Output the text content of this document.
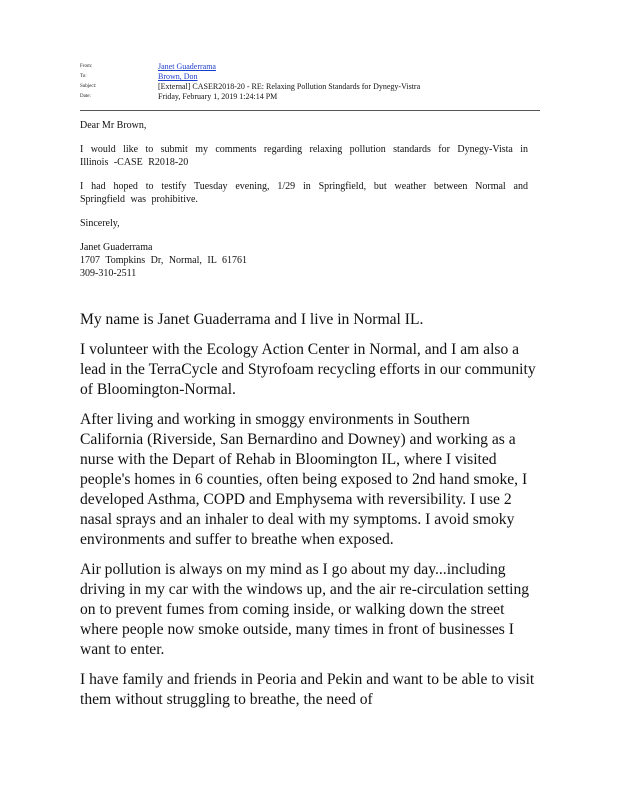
From:	Janet Guaderrama
To:	Brown, Don
Subject:	[External] CASER2018-20 - RE: Relaxing Pollution Standards for Dynegy-Vistra
Date:	Friday, February 1, 2019 1:24:14 PM

Dear Mr Brown,

I would like to submit my comments regarding relaxing pollution standards for Dynegy-Vista in Illinois -CASE R2018-20

I had hoped to testify Tuesday evening, 1/29 in Springfield, but weather between Normal and Springfield was prohibitive.

Sincerely,

Janet Guaderrama
1707 Tompkins Dr, Normal, IL 61761
309-310-2511

My name is Janet Guaderrama and I live in Normal IL.

I volunteer with the Ecology Action Center in Normal, and I am also a lead in the TerraCycle and Styrofoam recycling efforts in our community of Bloomington-Normal.

After living and working in smoggy environments in Southern California (Riverside, San Bernardino and Downey) and working as a nurse with the Depart of Rehab in Bloomington IL, where I visited people's homes in 6 counties, often being exposed to 2nd hand smoke, I developed Asthma, COPD and Emphysema with reversibility. I use 2 nasal sprays and an inhaler to deal with my symptoms. I avoid smoky environments and suffer to breathe when exposed.

Air pollution is always on my mind as I go about my day...including driving in my car with the windows up, and the air re-circulation setting on to prevent fumes from coming inside, or walking down the street where people now smoke outside, many times in front of businesses I want to enter.

I have family and friends in Peoria and Pekin and want to be able to visit them without struggling to breathe, the need of
